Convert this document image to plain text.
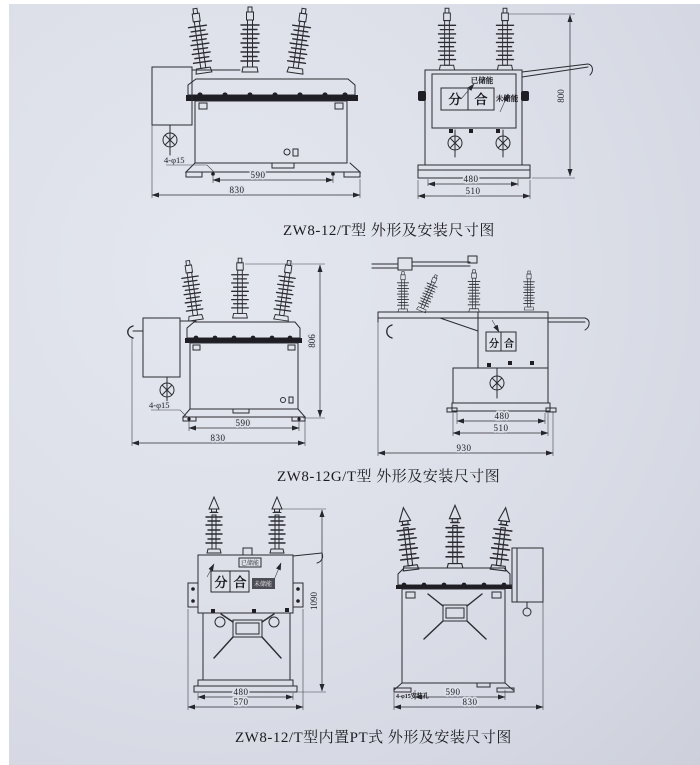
4-φ15
590
830
已储能
分 合 未储能	800
480
510
ZW8-12/T型 外形及安装尺寸图
4-φ15
806
590
830
分 合
480
510
930
ZW8-12G/T型 外形及安装尺寸图
已储能
分 合 未储能
480
570
1090
4-φ15安装孔 590
830
ZW8-12/T型内置PT式 外形及安装尺寸图
